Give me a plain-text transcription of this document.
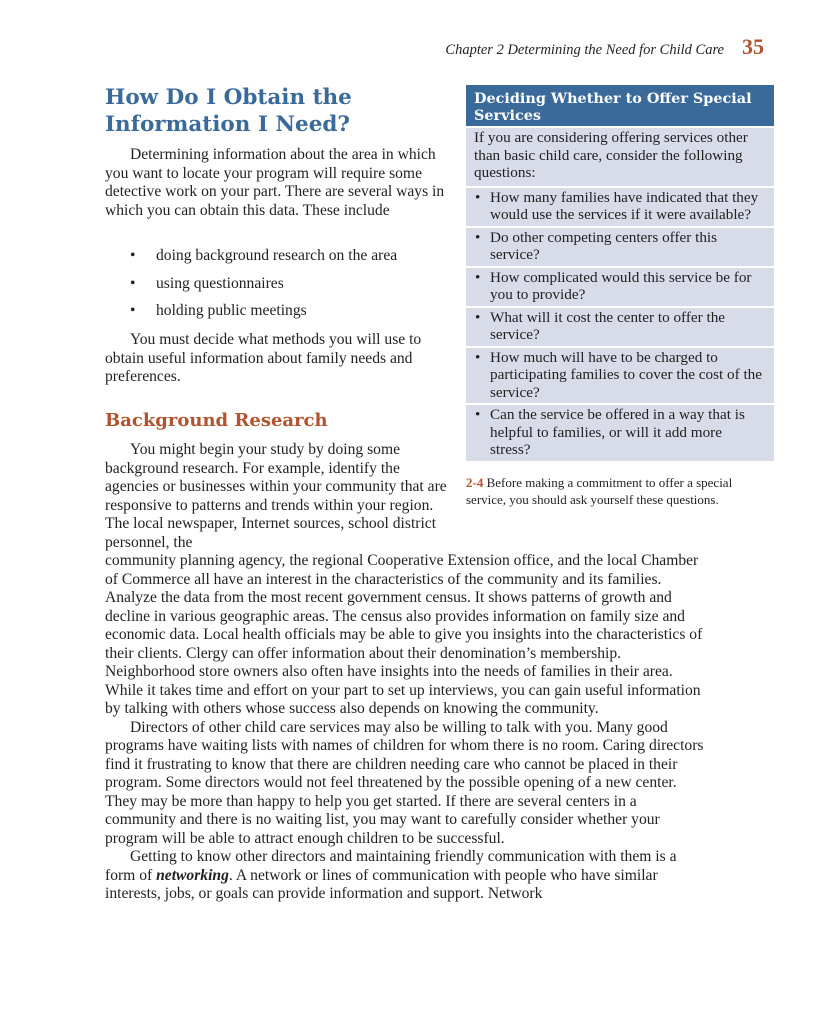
Chapter 2 Determining the Need for Child Care 35
How Do I Obtain the Information I Need?

Determining information about the area in which you want to locate your program will require some detective work on your part. There are several ways in which you can obtain this data. These include

• doing background research on the area
• using questionnaires
• holding public meetings

You must decide what methods you will use to obtain useful information about family needs and preferences.

Background Research

You might begin your study by doing some background research. For example, identify the agencies or businesses within your community that are responsive to patterns and trends within your region. The local newspaper, Internet sources, school district personnel, the

community planning agency, the regional Cooperative Extension office, and the local Chamber of Commerce all have an interest in the characteristics of the community and its families. Analyze the data from the most recent government census. It shows patterns of growth and decline in various geographic areas. The census also provides information on family size and economic data. Local health officials may be able to give you insights into the characteristics of their clients. Clergy can offer information about their denomination’s membership. Neighborhood store owners also often have insights into the needs of families in their area. While it takes time and effort on your part to set up interviews, you can gain useful information by talking with others whose success also depends on knowing the community.

Directors of other child care services may also be willing to talk with you. Many good programs have waiting lists with names of children for whom there is no room. Caring directors find it frustrating to know that there are children needing care who cannot be placed in their program. Some directors would not feel threatened by the possible opening of a new center. They may be more than happy to help you get started. If there are several centers in a community and there is no waiting list, you may want to carefully consider whether your program will be able to attract enough children to be successful.

Getting to know other directors and maintaining friendly communication with them is a form of networking. A network or lines of communication with people who have similar interests, jobs, or goals can provide information and support. Network

Deciding Whether to Offer Special Services
If you are considering offering services other than basic child care, consider the following questions:
• How many families have indicated that they would use the services if it were available?
• Do other competing centers offer this service?
• How complicated would this service be for you to provide?
• What will it cost the center to offer the service?
• How much will have to be charged to participating families to cover the cost of the service?
• Can the service be offered in a way that is helpful to families, or will it add more stress?
2-4 Before making a commitment to offer a special service, you should ask yourself these questions.
